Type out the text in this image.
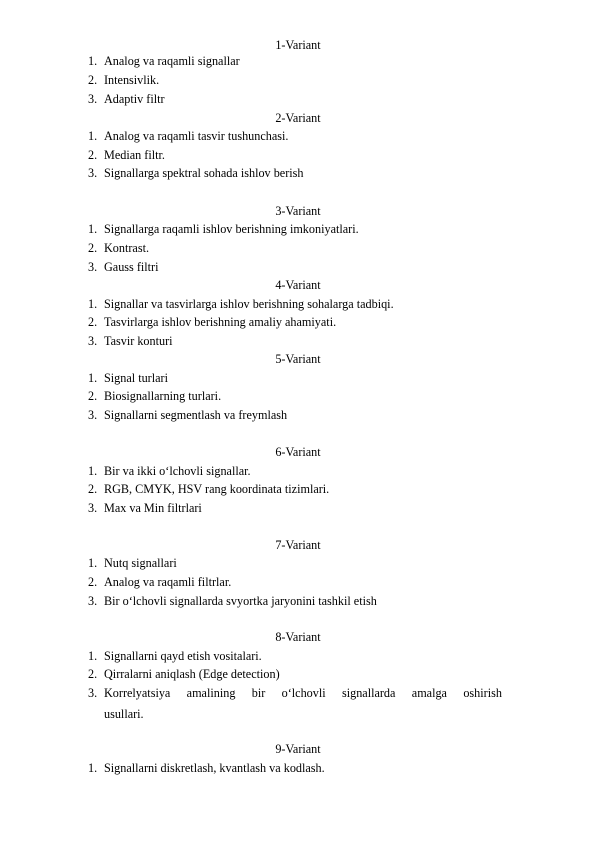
1-Variant
1. Analog va raqamli signallar
2. Intensivlik.
3. Adaptiv filtr
2-Variant
1. Analog va raqamli tasvir tushunchasi.
2. Median filtr.
3. Signallarga spektral sohada ishlov berish
3-Variant
1. Signallarga raqamli ishlov berishning imkoniyatlari.
2. Kontrast.
3. Gauss filtri
4-Variant
1. Signallar va tasvirlarga ishlov berishning sohalarga tadbiqi.
2. Tasvirlarga ishlov berishning amaliy ahamiyati.
3. Tasvir konturi
5-Variant
1. Signal turlari
2. Biosignallarning turlari.
3. Signallarni segmentlash va freymlash
6-Variant
1. Bir va ikki o‘lchovli signallar.
2. RGB, CMYK, HSV rang koordinata tizimlari.
3. Max va Min filtrlari
7-Variant
1. Nutq signallari
2. Analog va raqamli filtrlar.
3. Bir o‘lchovli signallarda svyortka jaryonini tashkil etish
8-Variant
1. Signallarni qayd etish vositalari.
2. Qirralarni aniqlash (Edge detection)
3. Korrelyatsiya amalining bir o‘lchovli signallarda amalga oshirish
usullari.
9-Variant
1. Signallarni diskretlash, kvantlash va kodlash.
